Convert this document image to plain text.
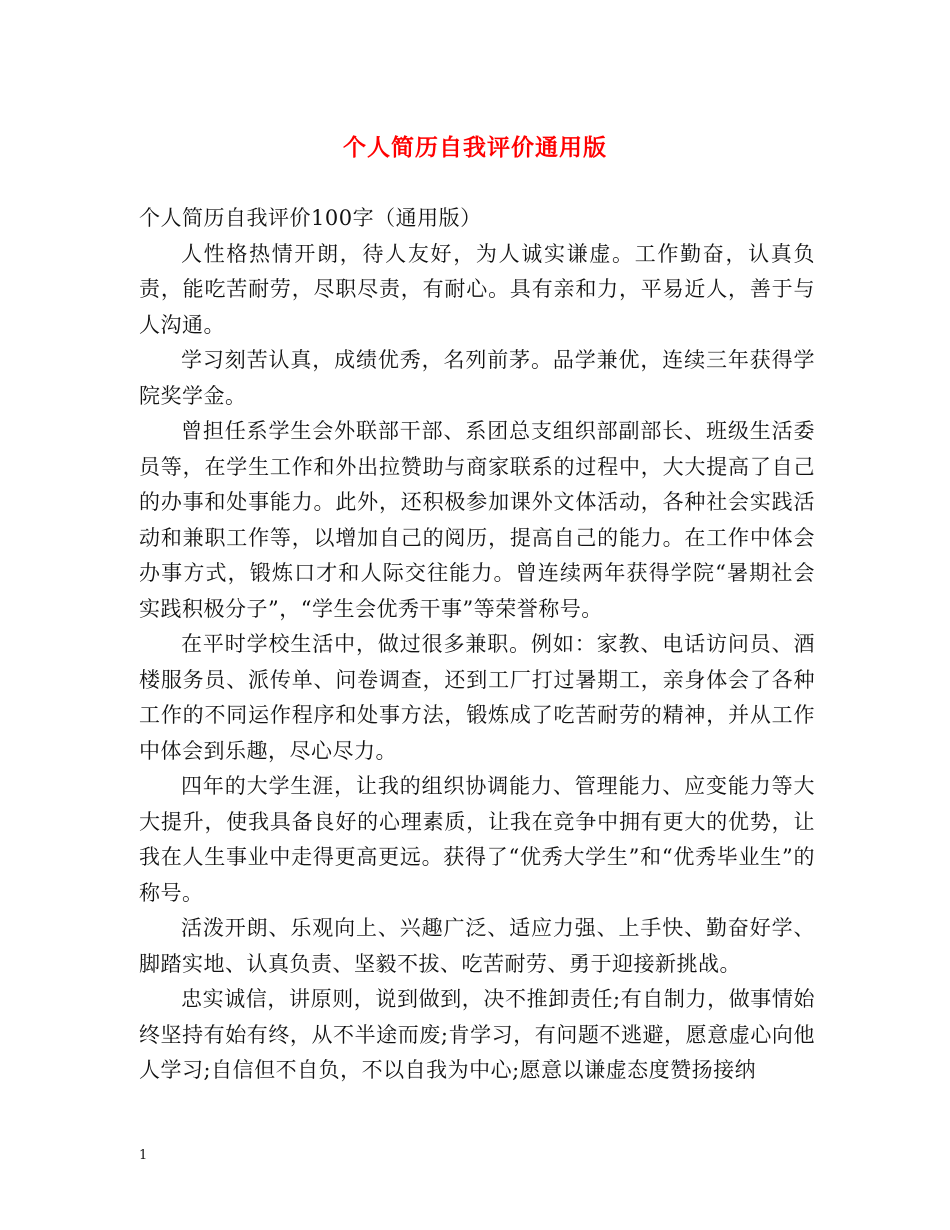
个人简历自我评价通用版

个人简历自我评价100字（通用版）

人性格热情开朗，待人友好，为人诚实谦虚。工作勤奋，认真负责，能吃苦耐劳，尽职尽责，有耐心。具有亲和力，平易近人，善于与人沟通。

学习刻苦认真，成绩优秀，名列前茅。品学兼优，连续三年获得学院奖学金。

曾担任系学生会外联部干部、系团总支组织部副部长、班级生活委员等，在学生工作和外出拉赞助与商家联系的过程中，大大提高了自己的办事和处事能力。此外，还积极参加课外文体活动，各种社会实践活动和兼职工作等，以增加自己的阅历，提高自己的能力。在工作中体会办事方式，锻炼口才和人际交往能力。曾连续两年获得学院“暑期社会实践积极分子”，“学生会优秀干事”等荣誉称号。

在平时学校生活中，做过很多兼职。例如：家教、电话访问员、酒楼服务员、派传单、问卷调查，还到工厂打过暑期工，亲身体会了各种工作的不同运作程序和处事方法，锻炼成了吃苦耐劳的精神，并从工作中体会到乐趣，尽心尽力。

四年的大学生涯，让我的组织协调能力、管理能力、应变能力等大大提升，使我具备良好的心理素质，让我在竞争中拥有更大的优势，让我在人生事业中走得更高更远。获得了“优秀大学生”和“优秀毕业生”的称号。

活泼开朗、乐观向上、兴趣广泛、适应力强、上手快、勤奋好学、脚踏实地、认真负责、坚毅不拔、吃苦耐劳、勇于迎接新挑战。

忠实诚信，讲原则，说到做到，决不推卸责任;有自制力，做事情始终坚持有始有终，从不半途而废;肯学习，有问题不逃避，愿意虚心向他人学习;自信但不自负，不以自我为中心;愿意以谦虚态度赞扬接纳

1
